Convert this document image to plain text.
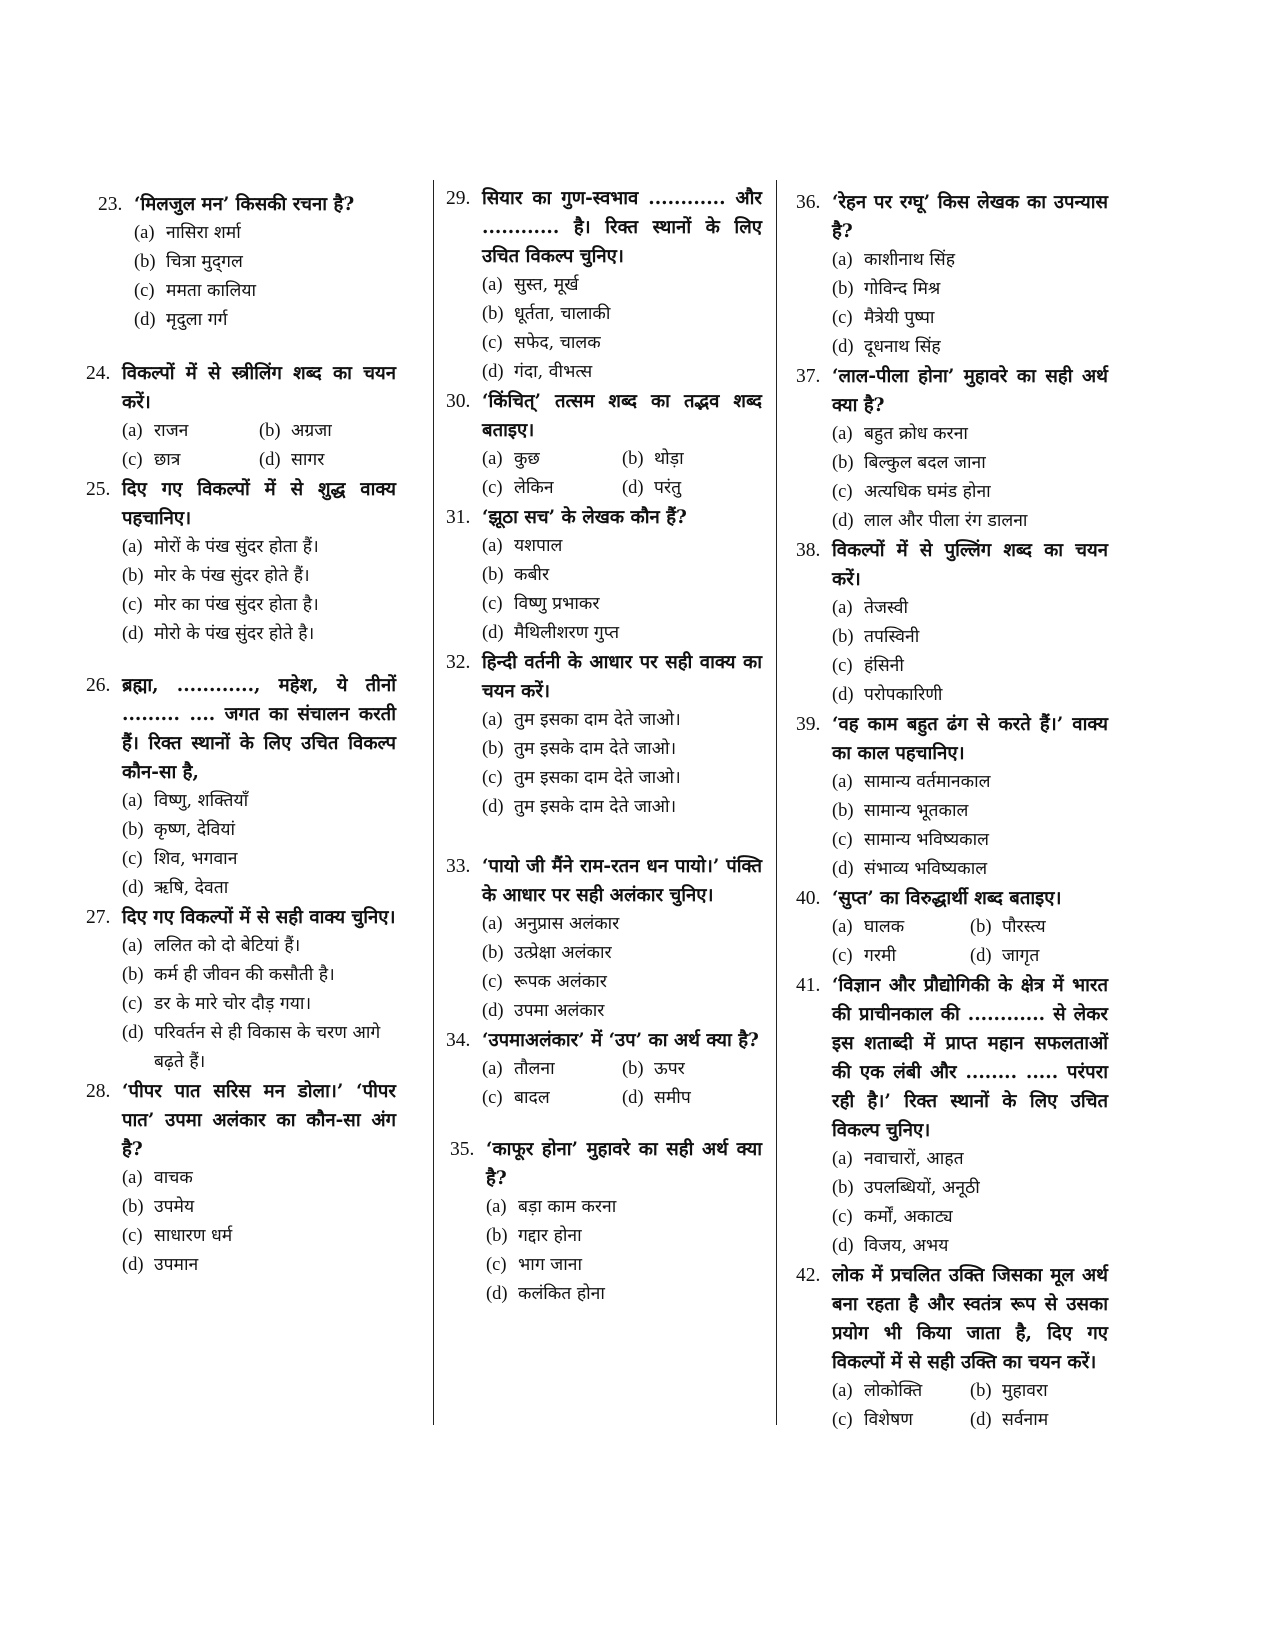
23. ‘मिलजुल मन’ किसकी रचना है?
(a) नासिरा शर्मा
(b) चित्रा मुद्‌गल
(c) ममता कालिया
(d) मृदुला गर्ग
24. विकल्पों में से स्त्रीलिंग शब्द का चयन करें।
(a) राजन	(b) अग्रजा
(c) छात्र	(d) सागर
25. दिए गए विकल्पों में से शुद्ध वाक्य पहचानिए।
(a) मोरों के पंख सुंदर होता हैं।
(b) मोर के पंख सुंदर होते हैं।
(c) मोर का पंख सुंदर होता है।
(d) मोरो के पंख सुंदर होते है।
26. ब्रह्मा, ............, महेश, ये तीनों ......... .... जगत का संचालन करती हैं। रिक्त स्थानों के लिए उचित विकल्प कौन-सा है,
(a) विष्णु, शक्तियाँ
(b) कृष्ण, देवियां
(c) शिव, भगवान
(d) ऋषि, देवता
27. दिए गए विकल्पों में से सही वाक्य चुनिए।
(a) ललित को दो बेटियां हैं।
(b) कर्म ही जीवन की कसौती है।
(c) डर के मारे चोर दौड़ गया।
(d) परिवर्तन से ही विकास के चरण आगे बढ़ते हैं।
28. ‘पीपर पात सरिस मन डोला।’ ‘पीपर पात’ उपमा अलंकार का कौन-सा अंग है?
(a) वाचक
(b) उपमेय
(c) साधारण धर्म
(d) उपमान
29. सियार का गुण-स्वभाव ............ और ............ है। रिक्त स्थानों के लिए उचित विकल्प चुनिए।
(a) सुस्त, मूर्ख
(b) धूर्तता, चालाकी
(c) सफेद, चालक
(d) गंदा, वीभत्स
30. ‘किंचित्’ तत्सम शब्द का तद्भव शब्द बताइए।
(a) कुछ	(b) थोड़ा
(c) लेकिन	(d) परंतु
31. ‘झूठा सच’ के लेखक कौन हैं?
(a) यशपाल
(b) कबीर
(c) विष्णु प्रभाकर
(d) मैथिलीशरण गुप्त
32. हिन्दी वर्तनी के आधार पर सही वाक्य का चयन करें।
(a) तुम इसका दाम देते जाओ।
(b) तुम इसके दाम देते जाओ।
(c) तुम इसका दाम देते जाओ।
(d) तुम इसके दाम देते जाओ।
33. ‘पायो जी मैंने राम-रतन धन पायो।’ पंक्ति के आधार पर सही अलंकार चुनिए।
(a) अनुप्रास अलंकार
(b) उत्प्रेक्षा अलंकार
(c) रूपक अलंकार
(d) उपमा अलंकार
34. ‘उपमाअलंकार’ में ‘उप’ का अर्थ क्या है?
(a) तौलना	(b) ऊपर
(c) बादल	(d) समीप
35. ‘काफूर होना’ मुहावरे का सही अर्थ क्या है?
(a) बड़ा काम करना
(b) गद्दार होना
(c) भाग जाना
(d) कलंकित होना
36. ‘रेहन पर रग्घू’ किस लेखक का उपन्यास है?
(a) काशीनाथ सिंह
(b) गोविन्द मिश्र
(c) मैत्रेयी पुष्पा
(d) दूधनाथ सिंह
37. ‘लाल-पीला होना’ मुहावरे का सही अर्थ क्या है?
(a) बहुत क्रोध करना
(b) बिल्कुल बदल जाना
(c) अत्यधिक घमंड होना
(d) लाल और पीला रंग डालना
38. विकल्पों में से पुल्लिंग शब्द का चयन करें।
(a) तेजस्वी
(b) तपस्विनी
(c) हंसिनी
(d) परोपकारिणी
39. ‘वह काम बहुत ढंग से करते हैं।’ वाक्य का काल पहचानिए।
(a) सामान्य वर्तमानकाल
(b) सामान्य भूतकाल
(c) सामान्य भविष्यकाल
(d) संभाव्य भविष्यकाल
40. ‘सुप्त’ का विरुद्धार्थी शब्द बताइए।
(a) घालक	(b) पौरस्त्य
(c) गरमी	(d) जागृत
41. ‘विज्ञान और प्रौद्योगिकी के क्षेत्र में भारत की प्राचीनकाल की ............ से लेकर इस शताब्दी में प्राप्त महान सफलताओं की एक लंबी और ........ ..... परंपरा रही है।’ रिक्त स्थानों के लिए उचित विकल्प चुनिए।
(a) नवाचारों, आहत
(b) उपलब्धियों, अनूठी
(c) कर्मों, अकाट्य
(d) विजय, अभय
42. लोक में प्रचलित उक्ति जिसका मूल अर्थ बना रहता है और स्वतंत्र रूप से उसका प्रयोग भी किया जाता है, दिए गए विकल्पों में से सही उक्ति का चयन करें।
(a) लोकोक्ति	(b) मुहावरा
(c) विशेषण	(d) सर्वनाम
